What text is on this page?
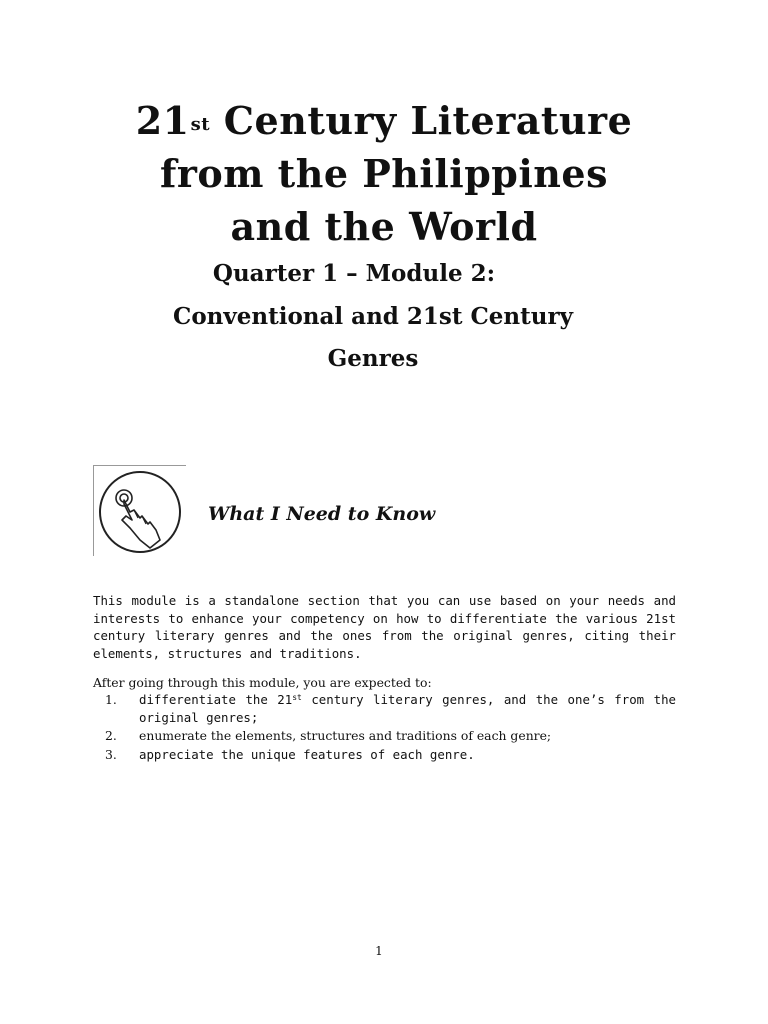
21st Century Literature
from the Philippines
and the World
Quarter 1 – Module 2:
Conventional and 21st Century
Genres
What I Need to Know
This module is a standalone section that you can use based on your needs and interests to enhance your competency on how to differentiate the various 21st century literary genres and the ones from the original genres, citing their elements, structures and traditions.
After going through this module, you are expected to:
1.	differentiate the 21st century literary genres, and the one’s from the original genres;
2.	enumerate the elements, structures and traditions of each genre;
3.	appreciate the unique features of each genre.
1
